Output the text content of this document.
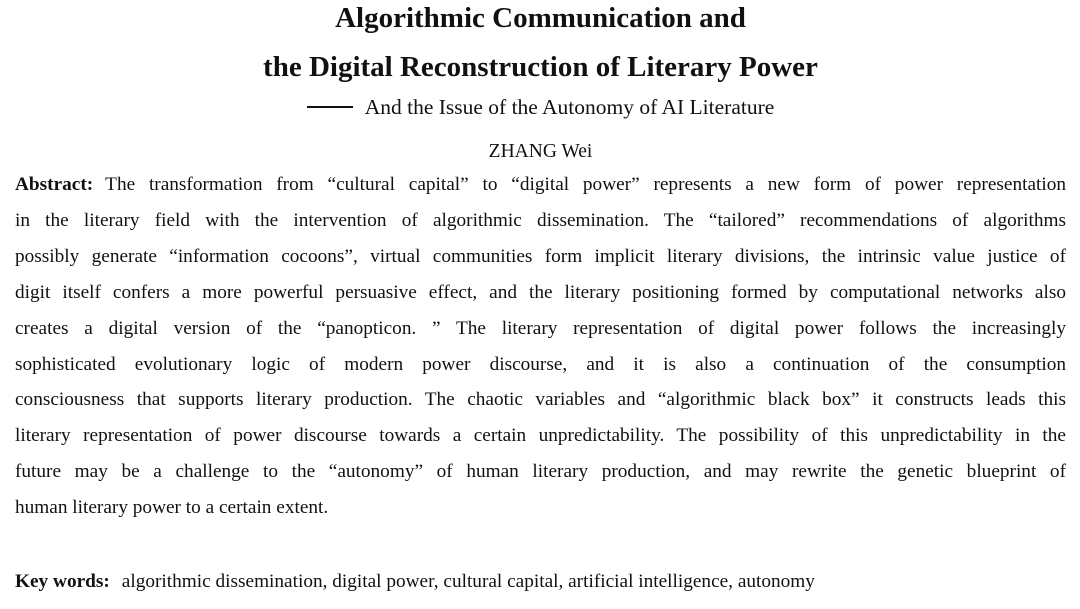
Algorithmic Communication and
the Digital Reconstruction of Literary Power
And the Issue of the Autonomy of AI Literature
ZHANG Wei
Abstract: The transformation from “cultural capital” to “digital power” represents a new form of power representation
in the literary field with the intervention of algorithmic dissemination. The “tailored” recommendations of algorithms
possibly generate “information cocoons”, virtual communities form implicit literary divisions, the intrinsic value justice of
digit itself confers a more powerful persuasive effect, and the literary positioning formed by computational networks also
creates a digital version of the “panopticon. ” The literary representation of digital power follows the increasingly
sophisticated evolutionary logic of modern power discourse, and it is also a continuation of the consumption
consciousness that supports literary production. The chaotic variables and “algorithmic black box” it constructs leads this
literary representation of power discourse towards a certain unpredictability. The possibility of this unpredictability in the
future may be a challenge to the “autonomy” of human literary production, and may rewrite the genetic blueprint of
human literary power to a certain extent.
Key words: algorithmic dissemination, digital power, cultural capital, artificial intelligence, autonomy
